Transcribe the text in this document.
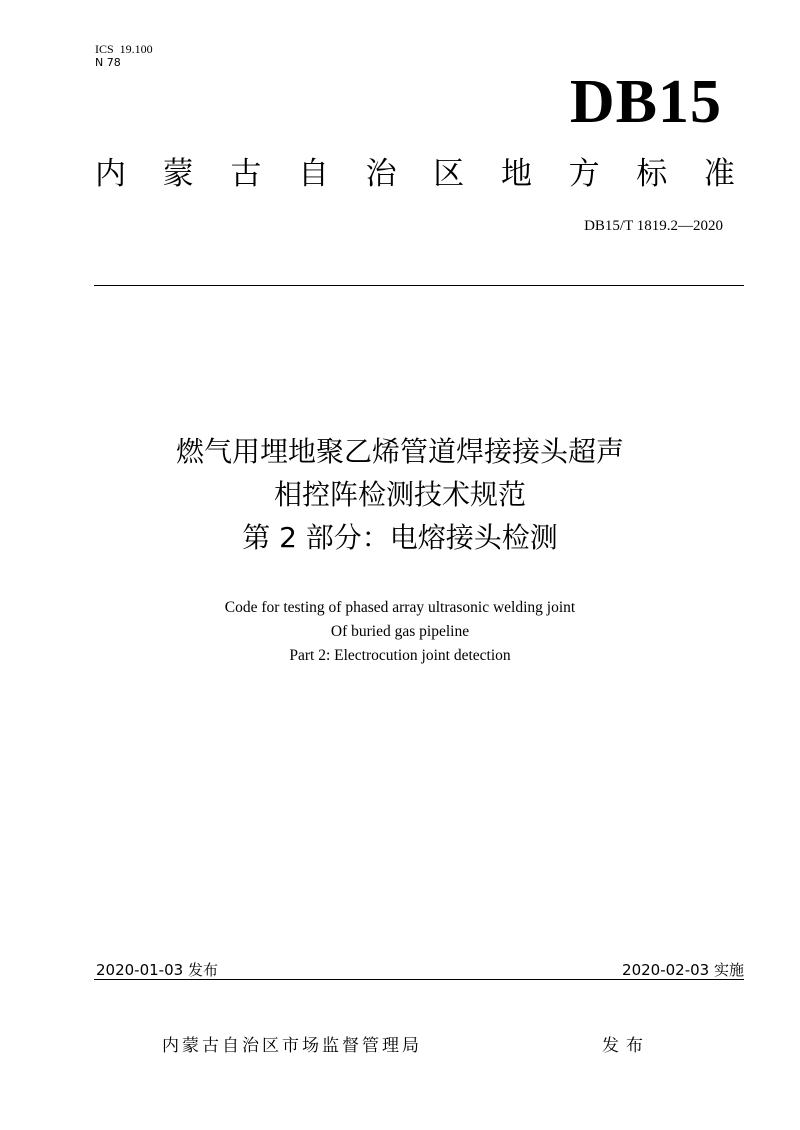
ICS  19.100
N 78
DB15
内 蒙 古 自 治 区 地 方 标 准
DB15/T 1819.2—2020
燃气用埋地聚乙烯管道焊接接头超声
相控阵检测技术规范
第 2 部分：电熔接头检测
Code for testing of phased array ultrasonic welding joint
Of buried gas pipeline
Part 2: Electrocution joint detection
2020-01-03 发布	2020-02-03 实施
内蒙古自治区市场监督管理局	发布
